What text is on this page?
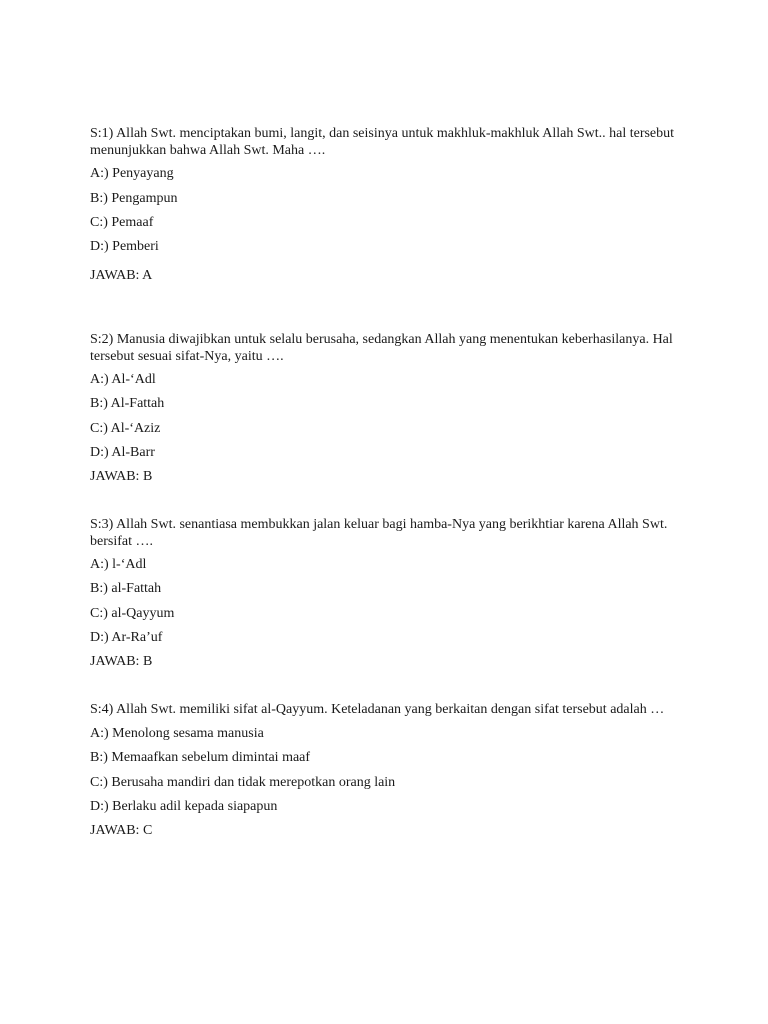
S:1) Allah Swt. menciptakan bumi, langit, dan seisinya untuk makhluk-makhluk Allah Swt.. hal tersebut menunjukkan bahwa Allah Swt. Maha ….

A:) Penyayang
B:) Pengampun
C:) Pemaaf
D:) Pemberi
JAWAB: A

S:2) Manusia diwajibkan untuk selalu berusaha, sedangkan Allah yang menentukan keberhasilanya. Hal tersebut sesuai sifat-Nya, yaitu ….

A:) Al-‘Adl
B:) Al-Fattah
C:) Al-‘Aziz
D:) Al-Barr
JAWAB: B

S:3) Allah Swt. senantiasa membukkan jalan keluar bagi hamba-Nya yang berikhtiar karena Allah Swt. bersifat ….

A:) l-‘Adl
B:) al-Fattah
C:) al-Qayyum
D:) Ar-Ra’uf
JAWAB: B

S:4) Allah Swt. memiliki sifat al-Qayyum. Keteladanan yang berkaitan dengan sifat tersebut adalah …

A:) Menolong sesama manusia
B:) Memaafkan sebelum dimintai maaf
C:) Berusaha mandiri dan tidak merepotkan orang lain
D:) Berlaku adil kepada siapapun
JAWAB: C
